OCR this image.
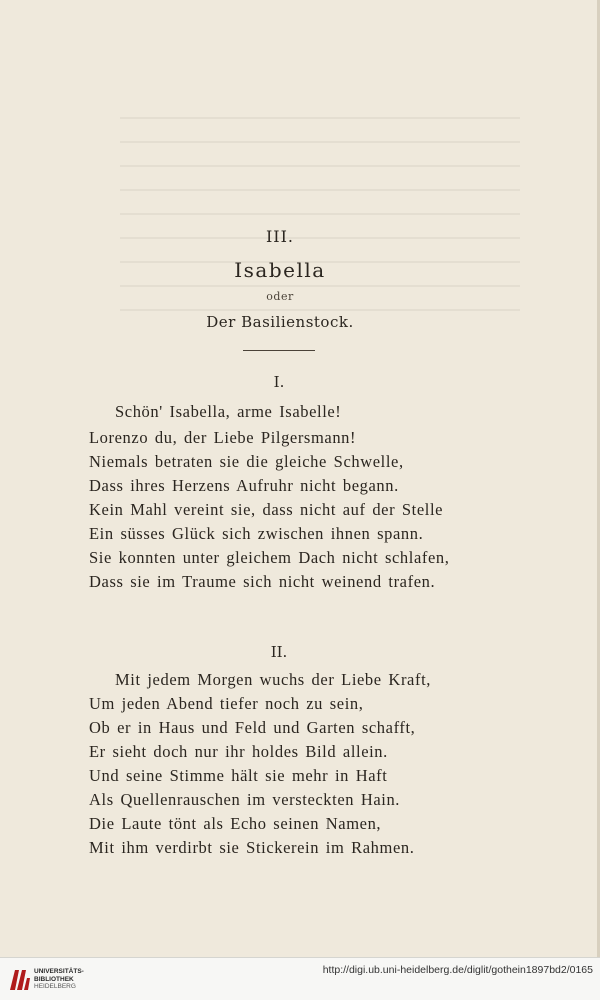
III.
Isabella
oder
Der Basilienstock.
I.
Schön' Isabella, arme Isabelle!
Lorenzo du, der Liebe Pilgersmann!
Niemals betraten sie die gleiche Schwelle,
Dass ihres Herzens Aufruhr nicht begann.
Kein Mahl vereint sie, dass nicht auf der Stelle
Ein süsses Glück sich zwischen ihnen spann.
Sie konnten unter gleichem Dach nicht schlafen,
Dass sie im Traume sich nicht weinend trafen.
II.
Mit jedem Morgen wuchs der Liebe Kraft,
Um jeden Abend tiefer noch zu sein,
Ob er in Haus und Feld und Garten schafft,
Er sieht doch nur ihr holdes Bild allein.
Und seine Stimme hält sie mehr in Haft
Als Quellenrauschen im versteckten Hain.
Die Laute tönt als Echo seinen Namen,
Mit ihm verdirbt sie Stickerein im Rahmen.
UNIVERSITÄTS-
BIBLIOTHEK
HEIDELBERG
http://digi.ub.uni-heidelberg.de/diglit/gothein1897bd2/0165
